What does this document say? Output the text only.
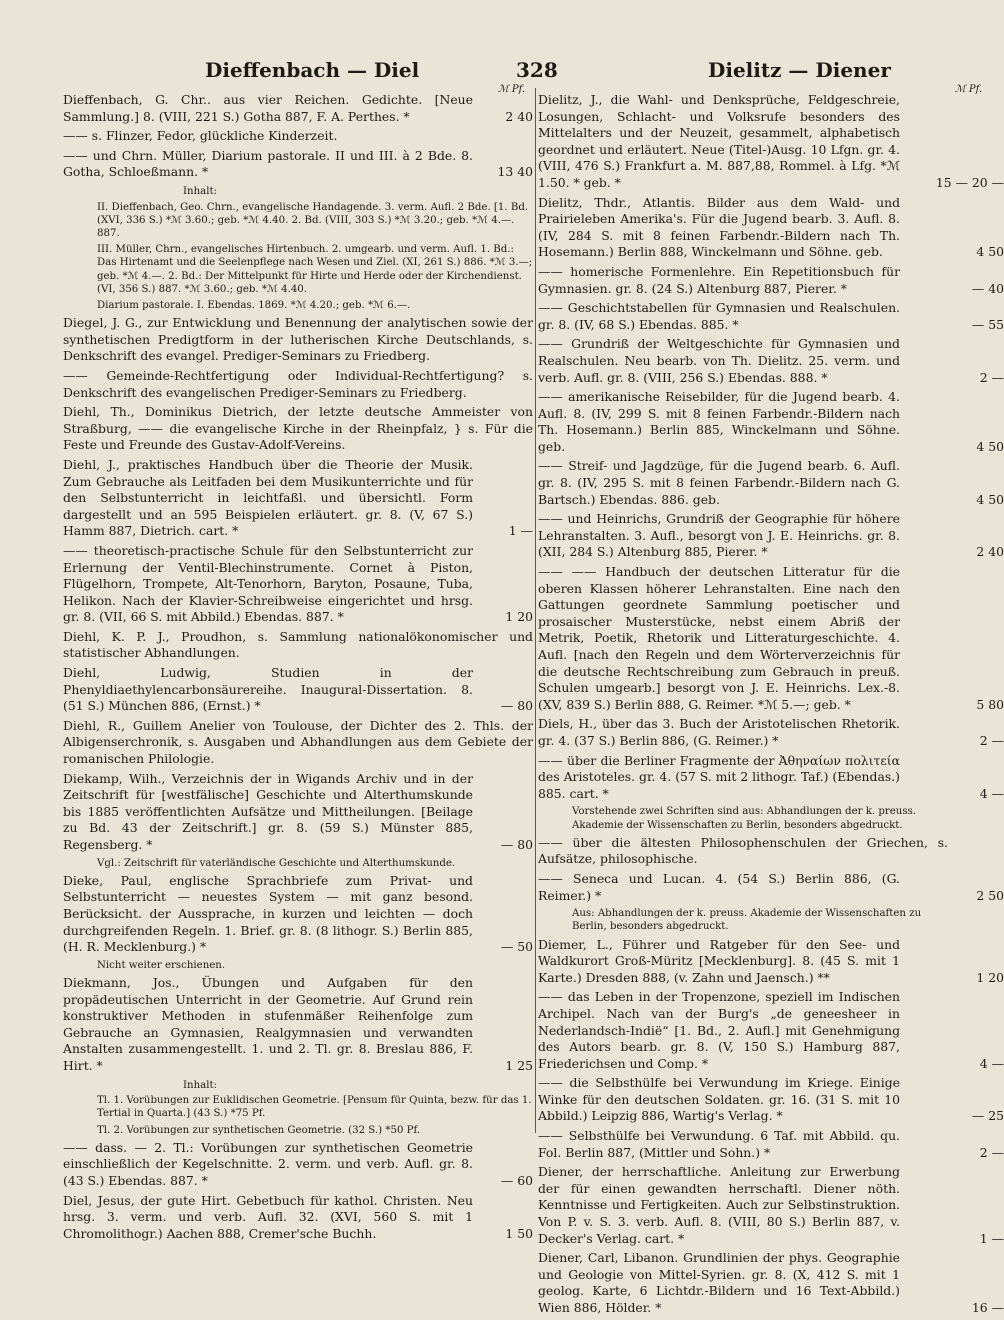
Dieffenbach — Diel	328	Dielitz — Diener
ℳ Pf.	ℳ Pf.
Dieffenbach, G. Chr.. aus vier Reichen. Gedichte. [Neue Sammlung.] 8. (VIII, 221 S.) Gotha 887, F. A. Perthes. *	2 40
—— s. Flinzer, Fedor, glückliche Kinderzeit.
—— und Chrn. Müller, Diarium pastorale. II und III. à 2 Bde. 8. Gotha, Schloeßmann. *	13 40
Inhalt:
II. Dieffenbach, Geo. Chrn., evangelische Handagende. 3. verm. Aufl. 2 Bde. [1. Bd. (XVI, 336 S.) *ℳ 3.60.; geb. *ℳ 4.40. 2. Bd. (VIII, 303 S.) *ℳ 3.20.; geb. *ℳ 4.—. 887.
III. Müller, Chrn., evangelisches Hirtenbuch. 2. umgearb. und verm. Aufl. 1. Bd.: Das Hirtenamt und die Seelenpflege nach Wesen und Ziel. (XI, 261 S.) 886. *ℳ 3.—; geb. *ℳ 4.—. 2. Bd.: Der Mittelpunkt für Hirte und Herde oder der Kirchendienst. (VI, 356 S.) 887. *ℳ 3.60.; geb. *ℳ 4.40.
Diarium pastorale. I. Ebendas. 1869. *ℳ 4.20.; geb. *ℳ 6.—.
Diegel, J. G., zur Entwicklung und Benennung der analytischen sowie der synthetischen Predigtform in der lutherischen Kirche Deutschlands, s. Denkschrift des evangel. Prediger-Seminars zu Friedberg.
—— Gemeinde-Rechtfertigung oder Individual-Rechtfertigung? s. Denkschrift des evangelischen Prediger-Seminars zu Friedberg.
Diehl, Th., Dominikus Dietrich, der letzte deutsche Ammeister von Straßburg, —— die evangelische Kirche in der Rheinpfalz, } s. Für die Feste und Freunde des Gustav-Adolf-Vereins.
Diehl, J., praktisches Handbuch über die Theorie der Musik. Zum Gebrauche als Leitfaden bei dem Musikunterrichte und für den Selbstunterricht in leichtfaßl. und übersichtl. Form dargestellt und an 595 Beispielen erläutert. gr. 8. (V, 67 S.) Hamm 887, Dietrich. cart. *	1 —
—— theoretisch-practische Schule für den Selbstunterricht zur Erlernung der Ventil-Blechinstrumente. Cornet à Piston, Flügelhorn, Trompete, Alt-Tenorhorn, Baryton, Posaune, Tuba, Helikon. Nach der Klavier-Schreibweise eingerichtet und hrsg. gr. 8. (VII, 66 S. mit Abbild.) Ebendas. 887. *	1 20
Diehl, K. P. J., Proudhon, s. Sammlung nationalökonomischer und statistischer Abhandlungen.
Diehl, Ludwig, Studien in der Phenyldiaethylencarbonsäurereihe. Inaugural-Dissertation. 8. (51 S.) München 886, (Ernst.) *	— 80
Diehl, R., Guillem Anelier von Toulouse, der Dichter des 2. Thls. der Albigenserchronik, s. Ausgaben und Abhandlungen aus dem Gebiete der romanischen Philologie.
Diekamp, Wilh., Verzeichnis der in Wigands Archiv und in der Zeitschrift für [westfälische] Geschichte und Alterthumskunde bis 1885 veröffentlichten Aufsätze und Mittheilungen. [Beilage zu Bd. 43 der Zeitschrift.] gr. 8. (59 S.) Münster 885, Regensberg. *	— 80
Vgl.: Zeitschrift für vaterländische Geschichte und Alterthumskunde.
Dieke, Paul, englische Sprachbriefe zum Privat- und Selbstunterricht — neuestes System — mit ganz besond. Berücksicht. der Aussprache, in kurzen und leichten — doch durchgreifenden Regeln. 1. Brief. gr. 8. (8 lithogr. S.) Berlin 885, (H. R. Mecklenburg.) *	— 50
Nicht weiter erschienen.
Diekmann, Jos., Übungen und Aufgaben für den propädeutischen Unterricht in der Geometrie. Auf Grund rein konstruktiver Methoden in stufenmäßer Reihenfolge zum Gebrauche an Gymnasien, Realgymnasien und verwandten Anstalten zusammengestellt. 1. und 2. Tl. gr. 8. Breslau 886, F. Hirt. *	1 25
Inhalt:
Tl. 1. Vorübungen zur Euklidischen Geometrie. [Pensum für Quinta, bezw. für das 1. Tertial in Quarta.] (43 S.) *75 Pf.
Tl. 2. Vorübungen zur synthetischen Geometrie. (32 S.) *50 Pf.
—— dass. — 2. Tl.: Vorübungen zur synthetischen Geometrie einschließlich der Kegelschnitte. 2. verm. und verb. Aufl. gr. 8. (43 S.) Ebendas. 887. *	— 60
Diel, Jesus, der gute Hirt. Gebetbuch für kathol. Christen. Neu hrsg. 3. verm. und verb. Aufl. 32. (XVI, 560 S. mit 1 Chromolithogr.) Aachen 888, Cremer'sche Buchh.	1 50
Dielitz, J., die Wahl- und Denksprüche, Feldgeschreie, Losungen, Schlacht- und Volksrufe besonders des Mittelalters und der Neuzeit, gesammelt, alphabetisch geordnet und erläutert. Neue (Titel-)Ausg. 10 Lfgn. gr. 4. (VIII, 476 S.) Frankfurt a. M. 887,88, Rommel. à Lfg. *ℳ 1.50. * geb. *	15 — 20 —
Dielitz, Thdr., Atlantis. Bilder aus dem Wald- und Prairieleben Amerika's. Für die Jugend bearb. 3. Aufl. 8. (IV, 284 S. mit 8 feinen Farbendr.-Bildern nach Th. Hosemann.) Berlin 888, Winckelmann und Söhne. geb.	4 50
—— homerische Formenlehre. Ein Repetitionsbuch für Gymnasien. gr. 8. (24 S.) Altenburg 887, Pierer. *	— 40
—— Geschichtstabellen für Gymnasien und Realschulen. gr. 8. (IV, 68 S.) Ebendas. 885. *	— 55
—— Grundriß der Weltgeschichte für Gymnasien und Realschulen. Neu bearb. von Th. Dielitz. 25. verm. und verb. Aufl. gr. 8. (VIII, 256 S.) Ebendas. 888. *	2 —
—— amerikanische Reisebilder, für die Jugend bearb. 4. Aufl. 8. (IV, 299 S. mit 8 feinen Farbendr.-Bildern nach Th. Hosemann.) Berlin 885, Winckelmann und Söhne. geb.	4 50
—— Streif- und Jagdzüge, für die Jugend bearb. 6. Aufl. gr. 8. (IV, 295 S. mit 8 feinen Farbendr.-Bildern nach G. Bartsch.) Ebendas. 886. geb.	4 50
—— und Heinrichs, Grundriß der Geographie für höhere Lehranstalten. 3. Aufl., besorgt von J. E. Heinrichs. gr. 8. (XII, 284 S.) Altenburg 885, Pierer. *	2 40
—— —— Handbuch der deutschen Litteratur für die oberen Klassen höherer Lehranstalten. Eine nach den Gattungen geordnete Sammlung poetischer und prosaischer Musterstücke, nebst einem Abriß der Metrik, Poetik, Rhetorik und Litteraturgeschichte. 4. Aufl. [nach den Regeln und dem Wörterverzeichnis für die deutsche Rechtschreibung zum Gebrauch in preuß. Schulen umgearb.] besorgt von J. E. Heinrichs. Lex.-8. (XV, 839 S.) Berlin 888, G. Reimer. *ℳ 5.—; geb. *	5 80
Diels, H., über das 3. Buch der Aristotelischen Rhetorik. gr. 4. (37 S.) Berlin 886, (G. Reimer.) *	2 —
—— über die Berliner Fragmente der Ἀθηναίων πολιτεία des Aristoteles. gr. 4. (57 S. mit 2 lithogr. Taf.) (Ebendas.) 885. cart. *	4 —
Vorstehende zwei Schriften sind aus: Abhandlungen der k. preuss. Akademie der Wissenschaften zu Berlin, besonders abgedruckt.
—— über die ältesten Philosophenschulen der Griechen, s. Aufsätze, philosophische.
—— Seneca und Lucan. 4. (54 S.) Berlin 886, (G. Reimer.) *	2 50
Aus: Abhandlungen der k. preuss. Akademie der Wissenschaften zu Berlin, besonders abgedruckt.
Diemer, L., Führer und Ratgeber für den See- und Waldkurort Groß-Müritz [Mecklenburg]. 8. (45 S. mit 1 Karte.) Dresden 888, (v. Zahn und Jaensch.) **	1 20
—— das Leben in der Tropenzone, speziell im Indischen Archipel. Nach van der Burg's „de geneesheer in Nederlandsch-Indië“ [1. Bd., 2. Aufl.] mit Genehmigung des Autors bearb. gr. 8. (V, 150 S.) Hamburg 887, Friederichsen und Comp. *	4 —
—— die Selbsthülfe bei Verwundung im Kriege. Einige Winke für den deutschen Soldaten. gr. 16. (31 S. mit 10 Abbild.) Leipzig 886, Wartig's Verlag. *	— 25
—— Selbsthülfe bei Verwundung. 6 Taf. mit Abbild. qu. Fol. Berlin 887, (Mittler und Sohn.) *	2 —
Diener, der herrschaftliche. Anleitung zur Erwerbung der für einen gewandten herrschaftl. Diener nöth. Kenntnisse und Fertigkeiten. Auch zur Selbstinstruktion. Von P. v. S. 3. verb. Aufl. 8. (VIII, 80 S.) Berlin 887, v. Decker's Verlag. cart. *	1 —
Diener, Carl, Libanon. Grundlinien der phys. Geographie und Geologie von Mittel-Syrien. gr. 8. (X, 412 S. mit 1 geolog. Karte, 6 Lichtdr.-Bildern und 16 Text-Abbild.) Wien 886, Hölder. *	16 —
